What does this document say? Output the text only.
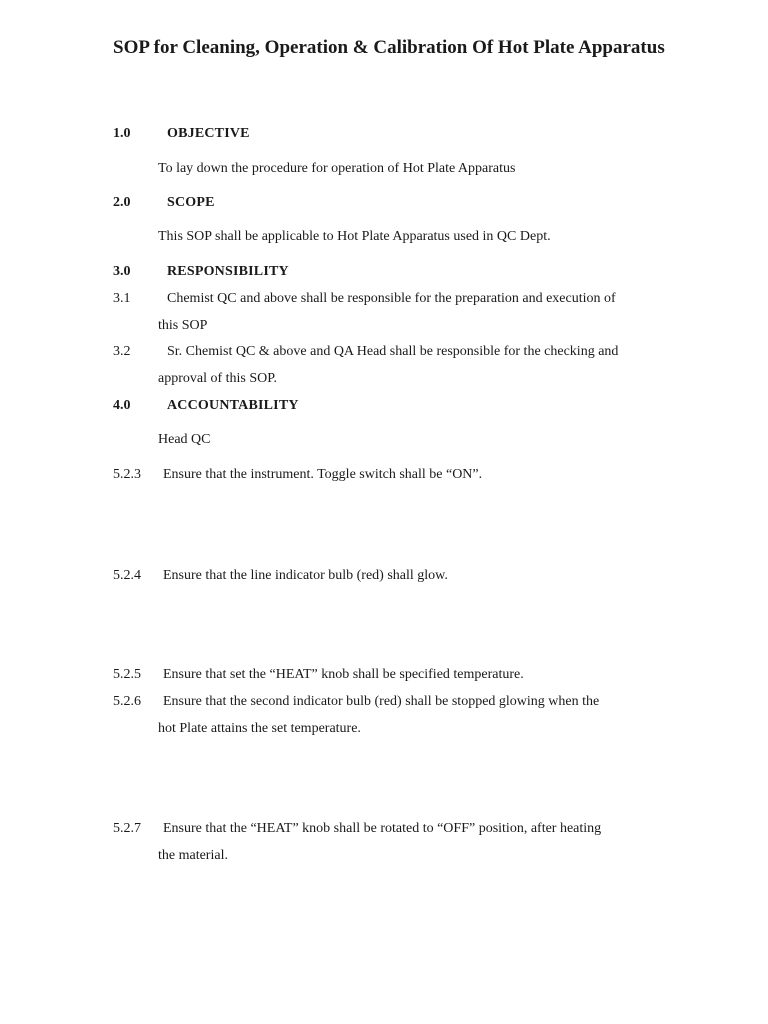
SOP for Cleaning, Operation & Calibration Of Hot Plate Apparatus
1.0	OBJECTIVE
To lay down the procedure for operation of Hot Plate Apparatus
2.0	SCOPE
This SOP shall be applicable to Hot Plate Apparatus used in QC Dept.
3.0	RESPONSIBILITY
3.1	Chemist QC and above shall be responsible for the preparation and execution of
this SOP
3.2	Sr. Chemist QC & above and QA Head shall be responsible for the checking and
approval of this SOP.
4.0	ACCOUNTABILITY
Head QC
5.2.3 Ensure that the instrument. Toggle switch shall be “ON”.
5.2.4 Ensure that the line indicator bulb (red) shall glow.
5.2.5 Ensure that set the “HEAT” knob shall be specified temperature.
5.2.6 Ensure that the second indicator bulb (red) shall be stopped glowing when the
hot Plate attains the set temperature.
5.2.7 Ensure that the “HEAT” knob shall be rotated to “OFF” position, after heating
the material.
